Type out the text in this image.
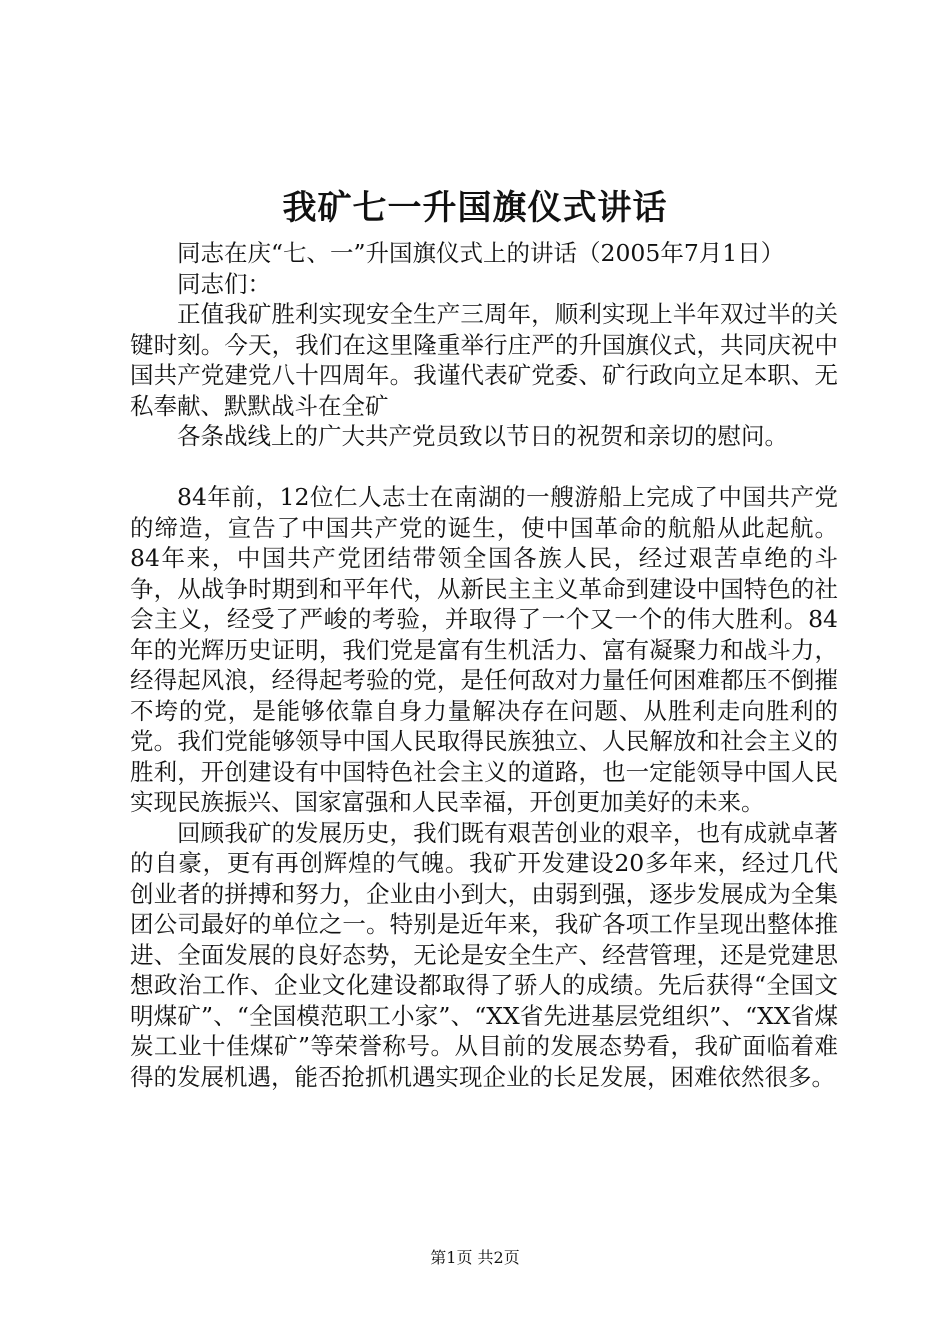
我矿七一升国旗仪式讲话

同志在庆“七、一”升国旗仪式上的讲话（2005年7月1日）

同志们：

正值我矿胜利实现安全生产三周年，顺利实现上半年双过半的关键时刻。今天，我们在这里隆重举行庄严的升国旗仪式，共同庆祝中国共产党建党八十四周年。我谨代表矿党委、矿行政向立足本职、无私奉献、默默战斗在全矿

各条战线上的广大共产党员致以节日的祝贺和亲切的慰问。

84年前，12位仁人志士在南湖的一艘游船上完成了中国共产党的缔造，宣告了中国共产党的诞生，使中国革命的航船从此起航。84年来，中国共产党团结带领全国各族人民，经过艰苦卓绝的斗争，从战争时期到和平年代，从新民主主义革命到建设中国特色的社会主义，经受了严峻的考验，并取得了一个又一个的伟大胜利。84年的光辉历史证明，我们党是富有生机活力、富有凝聚力和战斗力，经得起风浪，经得起考验的党，是任何敌对力量任何困难都压不倒摧不垮的党，是能够依靠自身力量解决存在问题、从胜利走向胜利的党。我们党能够领导中国人民取得民族独立、人民解放和社会主义的胜利，开创建设有中国特色社会主义的道路，也一定能领导中国人民实现民族振兴、国家富强和人民幸福，开创更加美好的未来。

回顾我矿的发展历史，我们既有艰苦创业的艰辛，也有成就卓著的自豪，更有再创辉煌的气魄。我矿开发建设20多年来，经过几代创业者的拼搏和努力，企业由小到大，由弱到强，逐步发展成为全集团公司最好的单位之一。特别是近年来，我矿各项工作呈现出整体推进、全面发展的良好态势，无论是安全生产、经营管理，还是党建思想政治工作、企业文化建设都取得了骄人的成绩。先后获得“全国文明煤矿”、“全国模范职工小家”、“XX省先进基层党组织”、“XX省煤炭工业十佳煤矿”等荣誉称号。从目前的发展态势看，我矿面临着难得的发展机遇，能否抢抓机遇实现企业的长足发展，困难依然很多。

第1页 共2页
